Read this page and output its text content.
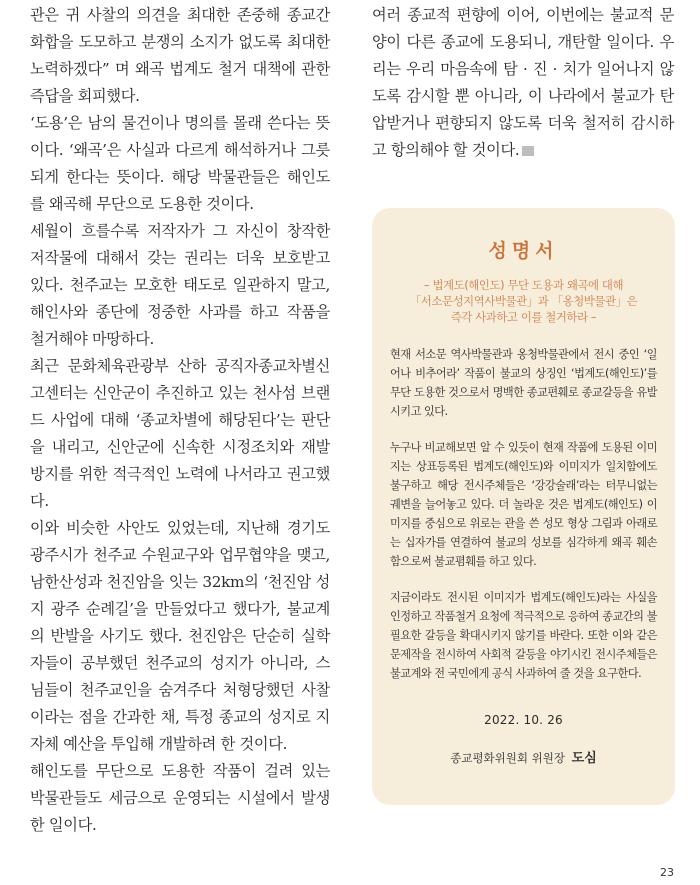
관은 귀 사찰의 의견을 최대한 존중해 종교간 화합을 도모하고 분쟁의 소지가 없도록 최대한 노력하겠다” 며 왜곡 법계도 철거 대책에 관한 즉답을 회피했다.

‘도용’은 남의 물건이나 명의를 몰래 쓴다는 뜻이다. ‘왜곡’은 사실과 다르게 해석하거나 그릇되게 한다는 뜻이다. 해당 박물관들은 해인도를 왜곡해 무단으로 도용한 것이다.

세월이 흐를수록 저작자가 그 자신이 창작한 저작물에 대해서 갖는 권리는 더욱 보호받고 있다. 천주교는 모호한 태도로 일관하지 말고, 해인사와 종단에 정중한 사과를 하고 작품을 철거해야 마땅하다.

최근 문화체육관광부 산하 공직자종교차별신고센터는 신안군이 추진하고 있는 천사섬 브랜드 사업에 대해 ‘종교차별에 해당된다’는 판단을 내리고, 신안군에 신속한 시정조치와 재발 방지를 위한 적극적인 노력에 나서라고 권고했다.

이와 비슷한 사안도 있었는데, 지난해 경기도 광주시가 천주교 수원교구와 업무협약을 맺고, 남한산성과 천진암을 잇는 32km의 ‘천진암 성지 광주 순례길’을 만들었다고 했다가, 불교계의 반발을 사기도 했다. 천진암은 단순히 실학자들이 공부했던 천주교의 성지가 아니라, 스님들이 천주교인을 숨겨주다 처형당했던 사찰이라는 점을 간과한 채, 특정 종교의 성지로 지자체 예산을 투입해 개발하려 한 것이다.

해인도를 무단으로 도용한 작품이 걸려 있는 박물관들도 세금으로 운영되는 시설에서 발생한 일이다.

여러 종교적 편향에 이어, 이번에는 불교적 문양이 다른 종교에 도용되니, 개탄할 일이다. 우리는 우리 마음속에 탐 · 진 · 치가 일어나지 않도록 감시할 뿐 아니라, 이 나라에서 불교가 탄압받거나 편향되지 않도록 더욱 철저히 감시하고 항의해야 할 것이다.

성명서
– 법계도(해인도) 무단 도용과 왜곡에 대해
「서소문성지역사박물관」과 「옹청박물관」은
즉각 사과하고 이를 철거하라 –

현재 서소문 역사박물관과 옹청박물관에서 전시 중인 ‘일어나 비추어라’ 작품이 불교의 상징인 ‘법계도(해인도)’를 무단 도용한 것으로서 명백한 종교편훼로 종교갈등을 유발시키고 있다.

누구나 비교해보면 알 수 있듯이 현재 작품에 도용된 이미지는 상표등록된 법계도(해인도)와 이미지가 일치함에도 불구하고 해당 전시주체들은 ‘강강술래’라는 터무니없는 궤변을 늘어놓고 있다. 더 놀라운 것은 법계도(해인도) 이미지를 중심으로 위로는 관을 쓴 성모 형상 그림과 아래로는 십자가를 연결하여 불교의 성보를 심각하게 왜곡 훼손함으로써 불교폄훼를 하고 있다.

지금이라도 전시된 이미지가 법계도(해인도)라는 사실을 인정하고 작품철거 요청에 적극적으로 응하여 종교간의 불필요한 갈등을 확대시키지 않기를 바란다. 또한 이와 같은 문제작을 전시하여 사회적 갈등을 야기시킨 전시주체들은 불교계와 전 국민에게 공식 사과하여 줄 것을 요구한다.

2022. 10. 26
종교평화위원회 위원장 도심
23
